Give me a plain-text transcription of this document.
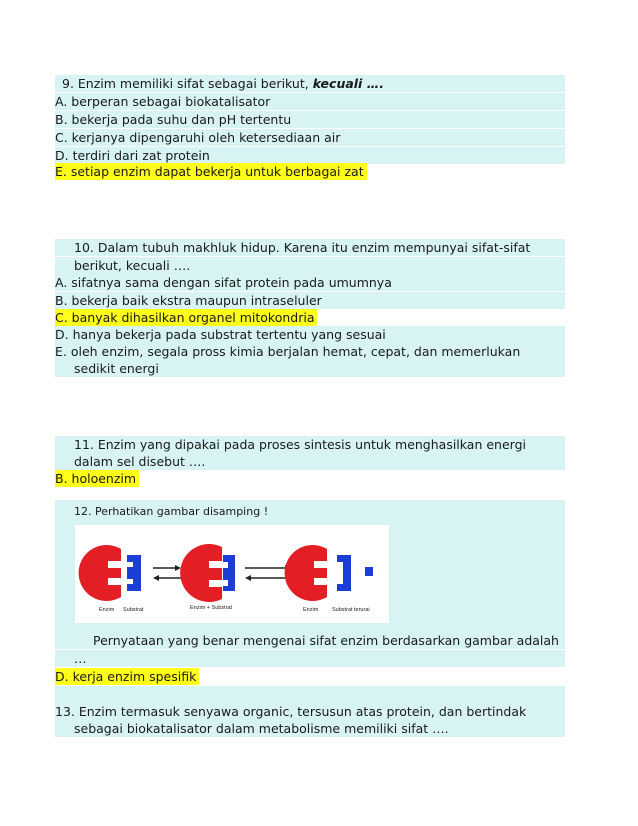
9. Enzim memiliki sifat sebagai berikut, kecuali ….
A. berperan sebagai biokatalisator
B. bekerja pada suhu dan pH tertentu
C. kerjanya dipengaruhi oleh ketersediaan air
D. terdiri dari zat protein
E. setiap enzim dapat bekerja untuk berbagai zat
10. Dalam tubuh makhluk hidup. Karena itu enzim mempunyai sifat-sifat
berikut, kecuali ….
A. sifatnya sama dengan sifat protein pada umumnya
B. bekerja baik ekstra maupun intraseluler
C. banyak dihasilkan organel mitokondria
D. hanya bekerja pada substrat tertentu yang sesuai
E. oleh enzim, segala pross kimia berjalan hemat, cepat, dan memerlukan
sedikit energi
11. Enzim yang dipakai pada proses sintesis untuk menghasilkan energi
dalam sel disebut ….
B. holoenzim
12. Perhatikan gambar disamping !
Enzim Substrat	Enzim + Substrat	Enzim Substrat terurai
Pernyataan yang benar mengenai sifat enzim berdasarkan gambar adalah
…
D. kerja enzim spesifik
13. Enzim termasuk senyawa organic, tersusun atas protein, dan bertindak
sebagai biokatalisator dalam metabolisme memiliki sifat ….
